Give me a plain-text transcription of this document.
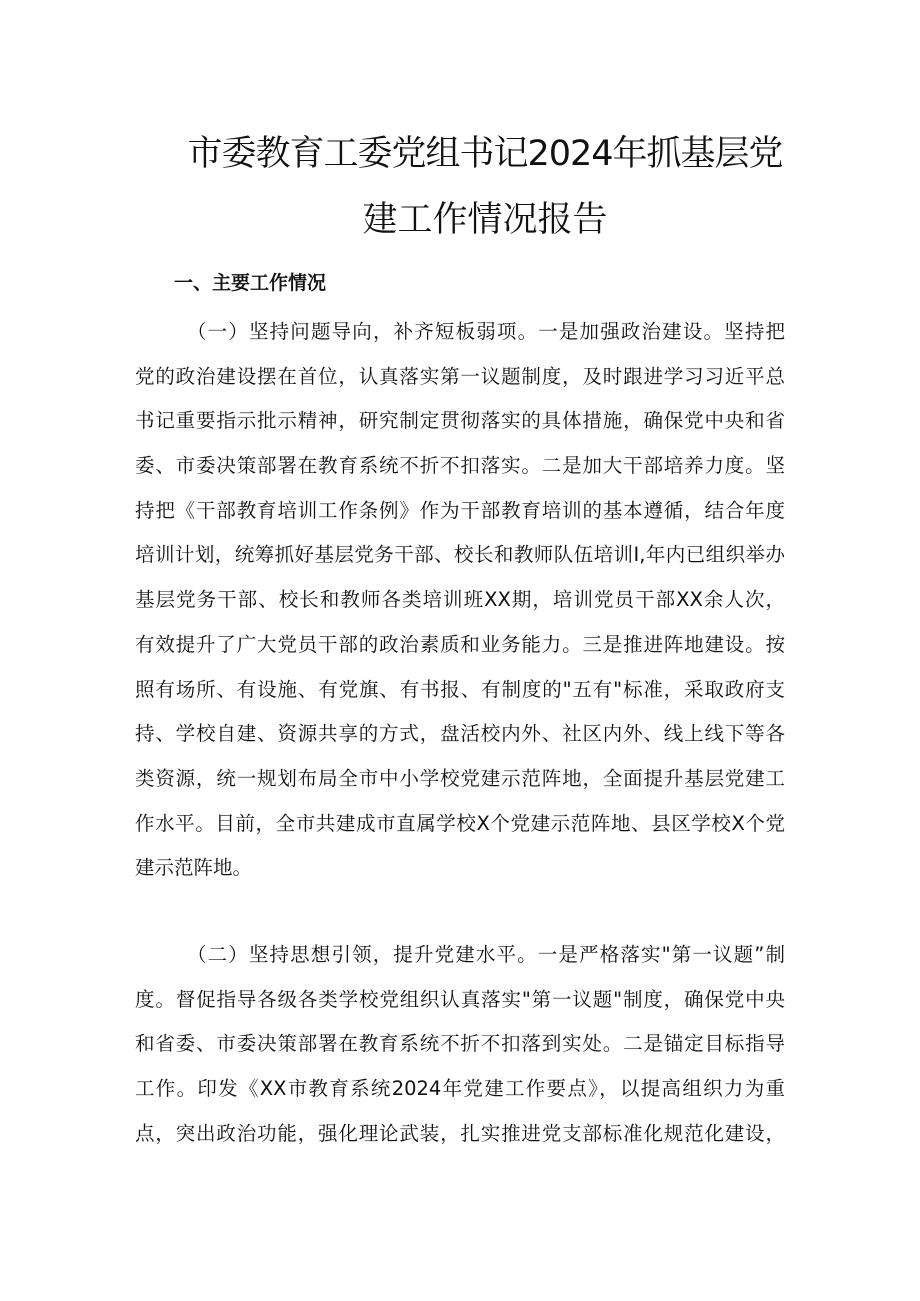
市委教育工委党组书记2024年抓基层党
建工作情况报告
一、主要工作情况
（一）坚持问题导向，补齐短板弱项。一是加强政治建设。坚持把
党的政治建设摆在首位，认真落实第一议题制度，及时跟进学习习近平总
书记重要指示批示精神，研究制定贯彻落实的具体措施，确保党中央和省
委、市委决策部署在教育系统不折不扣落实。二是加大干部培养力度。坚
持把《干部教育培训工作条例》作为干部教育培训的基本遵循，结合年度
培训计划，统筹抓好基层党务干部、校长和教师队伍培训I,年内已组织举办
基层党务干部、校长和教师各类培训班XX期，培训党员干部XX余人次，
有效提升了广大党员干部的政治素质和业务能力。三是推进阵地建设。按
照有场所、有设施、有党旗、有书报、有制度的"五有"标准，采取政府支
持、学校自建、资源共享的方式，盘活校内外、社区内外、线上线下等各
类资源，统一规划布局全市中小学校党建示范阵地，全面提升基层党建工
作水平。目前，全市共建成市直属学校X个党建示范阵地、县区学校X个党
建示范阵地。
（二）坚持思想引领，提升党建水平。一是严格落实"第一议题”制
度。督促指导各级各类学校党组织认真落实"第一议题"制度，确保党中央
和省委、市委决策部署在教育系统不折不扣落到实处。二是锚定目标指导
工作。印发《XX市教育系统2024年党建工作要点》，以提高组织力为重
点，突出政治功能，强化理论武装，扎实推进党支部标准化规范化建设，
